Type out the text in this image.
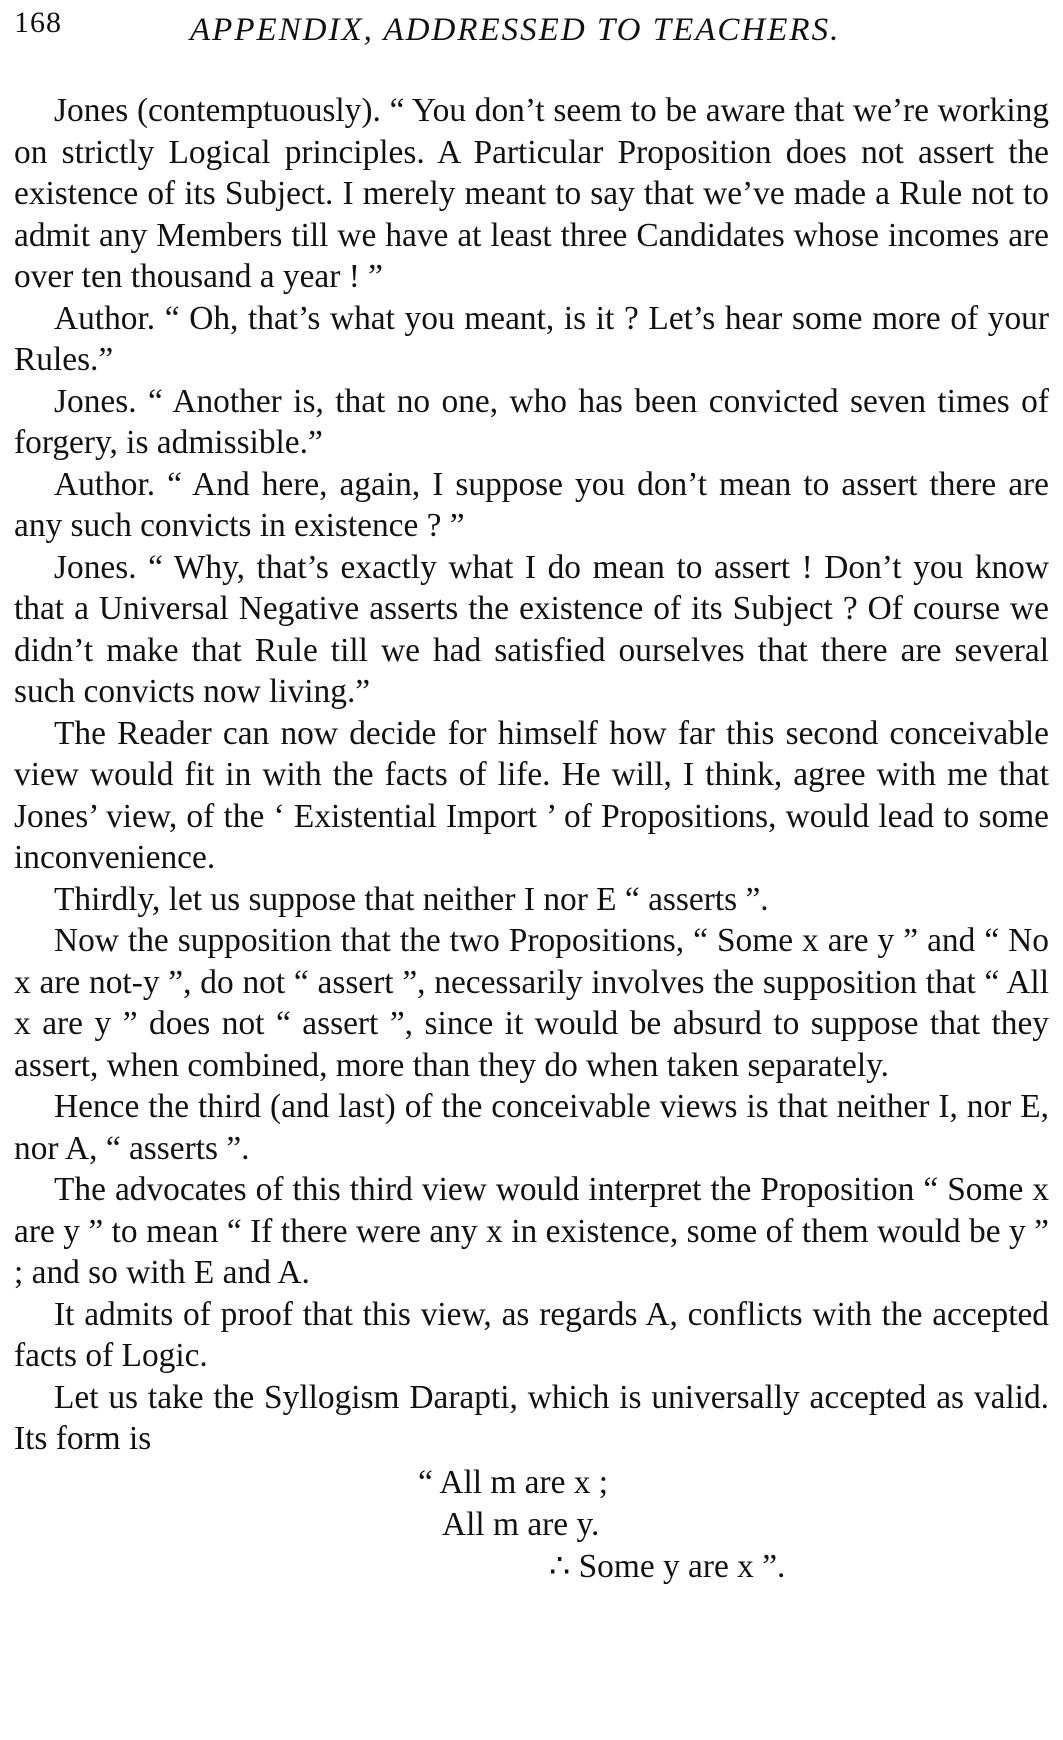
168	APPENDIX, ADDRESSED TO TEACHERS.

Jones (contemptuously). “ You don’t seem to be aware that we’re working on strictly Logical principles. A Particular Proposition does not assert the existence of its Subject. I merely meant to say that we’ve made a Rule not to admit any Members till we have at least three Candidates whose incomes are over ten thousand a year ! ”

Author. “ Oh, that’s what you meant, is it ? Let’s hear some more of your Rules.”

Jones. “ Another is, that no one, who has been convicted seven times of forgery, is admissible.”

Author. “ And here, again, I suppose you don’t mean to assert there are any such convicts in existence ? ”

Jones. “ Why, that’s exactly what I do mean to assert ! Don’t you know that a Universal Negative asserts the existence of its Subject ? Of course we didn’t make that Rule till we had satisfied ourselves that there are several such convicts now living.”

The Reader can now decide for himself how far this second conceivable view would fit in with the facts of life. He will, I think, agree with me that Jones’ view, of the ‘ Existential Import ’ of Propositions, would lead to some inconvenience.

Thirdly, let us suppose that neither I nor E “ asserts ”.

Now the supposition that the two Propositions, “ Some x are y ” and “ No x are not-y ”, do not “ assert ”, necessarily involves the supposition that “ All x are y ” does not “ assert ”, since it would be absurd to suppose that they assert, when combined, more than they do when taken separately.

Hence the third (and last) of the conceivable views is that neither I, nor E, nor A, “ asserts ”.

The advocates of this third view would interpret the Proposition “ Some x are y ” to mean “ If there were any x in existence, some of them would be y ” ; and so with E and A.

It admits of proof that this view, as regards A, conflicts with the accepted facts of Logic.

Let us take the Syllogism Darapti, which is universally accepted as valid. Its form is

“ All m are x ;
All m are y.
∴ Some y are x ”.
